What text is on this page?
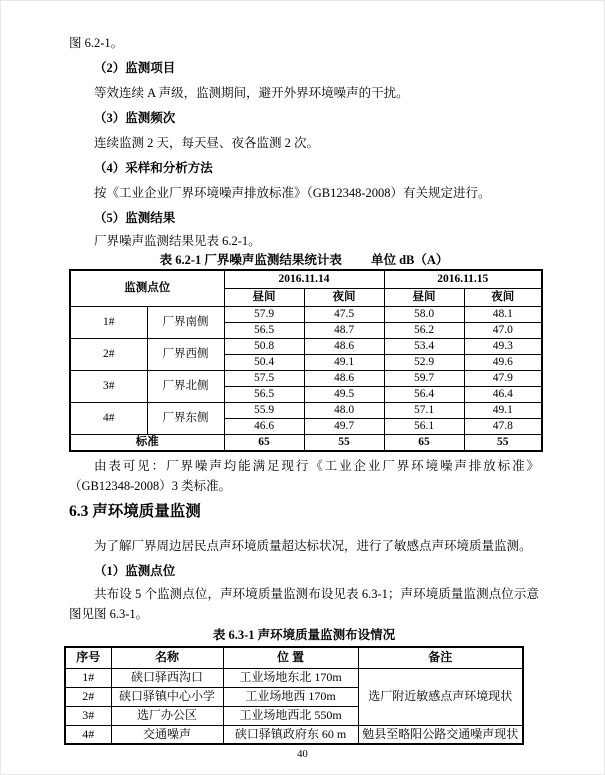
图 6.2-1。
（2）监测项目
等效连续 A 声级，监测期间，避开外界环境噪声的干扰。
（3）监测频次
连续监测 2 天，每天昼、夜各监测 2 次。
（4）采样和分析方法
按《工业企业厂界环境噪声排放标准》（GB12348-2008）有关规定进行。
（5）监测结果
厂界噪声监测结果见表 6.2-1。
表 6.2-1 厂界噪声监测结果统计表 单位 dB（A）
监测点位		2016.11.14		2016.11.15	
		昼间	夜间	昼间	夜间
1#	厂界南侧	57.9	47.5	58.0	48.1
		56.5	48.7	56.2	47.0
2#	厂界西侧	50.8	48.6	53.4	49.3
		50.4	49.1	52.9	49.6
3#	厂界北侧	57.5	48.6	59.7	47.9
		56.5	49.5	56.4	46.4
4#	厂界东侧	55.9	48.0	57.1	49.1
		46.6	49.7	56.1	47.8
标准		65	55	65	55
由表可见：厂界噪声均能满足现行《工业企业厂界环境噪声排放标准》
（GB12348-2008）3 类标准。
6.3 声环境质量监测
为了解厂界周边居民点声环境质量超达标状况，进行了敏感点声环境质量监测。
（1）监测点位
共布设 5 个监测点位，声环境质量监测布设见表 6.3-1；声环境质量监测点位示意
图见图 6.3-1。
表 6.3-1 声环境质量监测布设情况
序号	名称	位 置	备注
1#	硖口驿西沟口	工业场地东北 170m	选厂附近敏感点声环境现状
2#	硖口驿镇中心小学	工业场地西 170m	
3#	选厂办公区	工业场地西北 550m	
4#	交通噪声	硖口驿镇政府东 60 m	勉县至略阳公路交通噪声现状
40
